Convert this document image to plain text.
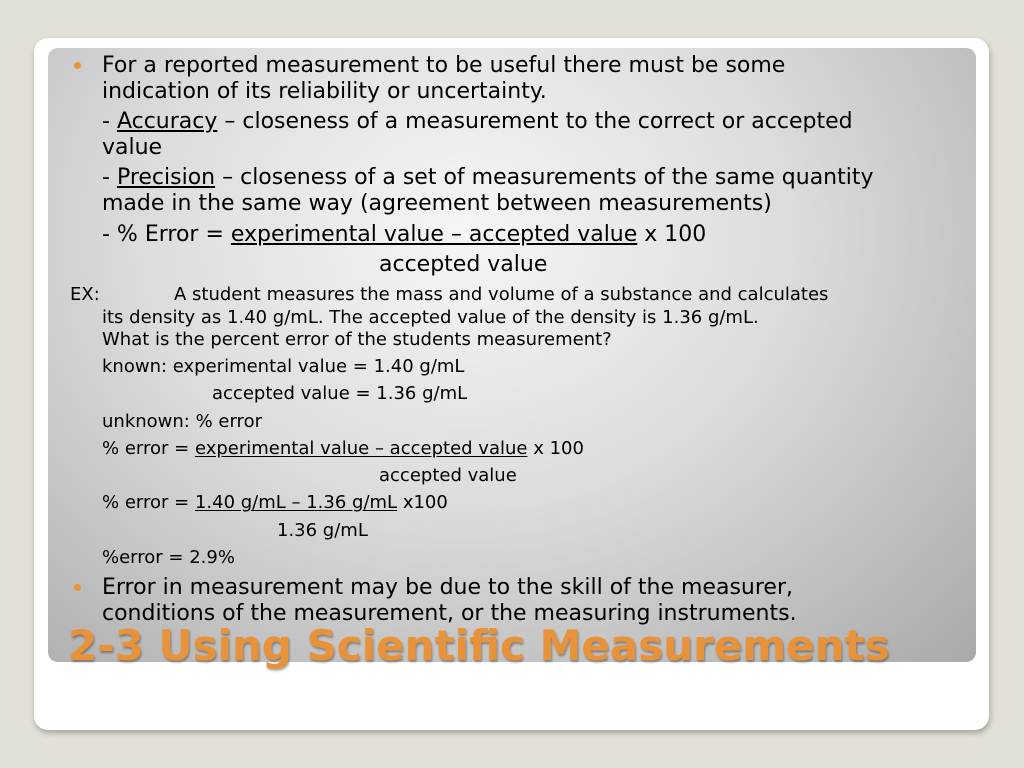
For a reported measurement to be useful there must be some
indication of its reliability or uncertainty.
- Accuracy – closeness of a measurement to the correct or accepted
value
- Precision – closeness of a set of measurements of the same quantity
made in the same way (agreement between measurements)
- % Error = experimental value – accepted value x 100
accepted value
EX:	A student measures the mass and volume of a substance and calculates
its density as 1.40 g/mL. The accepted value of the density is 1.36 g/mL.
What is the percent error of the students measurement?
known: experimental value = 1.40 g/mL
accepted value = 1.36 g/mL
unknown: % error
% error = experimental value – accepted value x 100
accepted value
% error = 1.40 g/mL – 1.36 g/mL x100
1.36 g/mL
%error = 2.9%
Error in measurement may be due to the skill of the measurer,
conditions of the measurement, or the measuring instruments.
2-3 Using Scientific Measurements
